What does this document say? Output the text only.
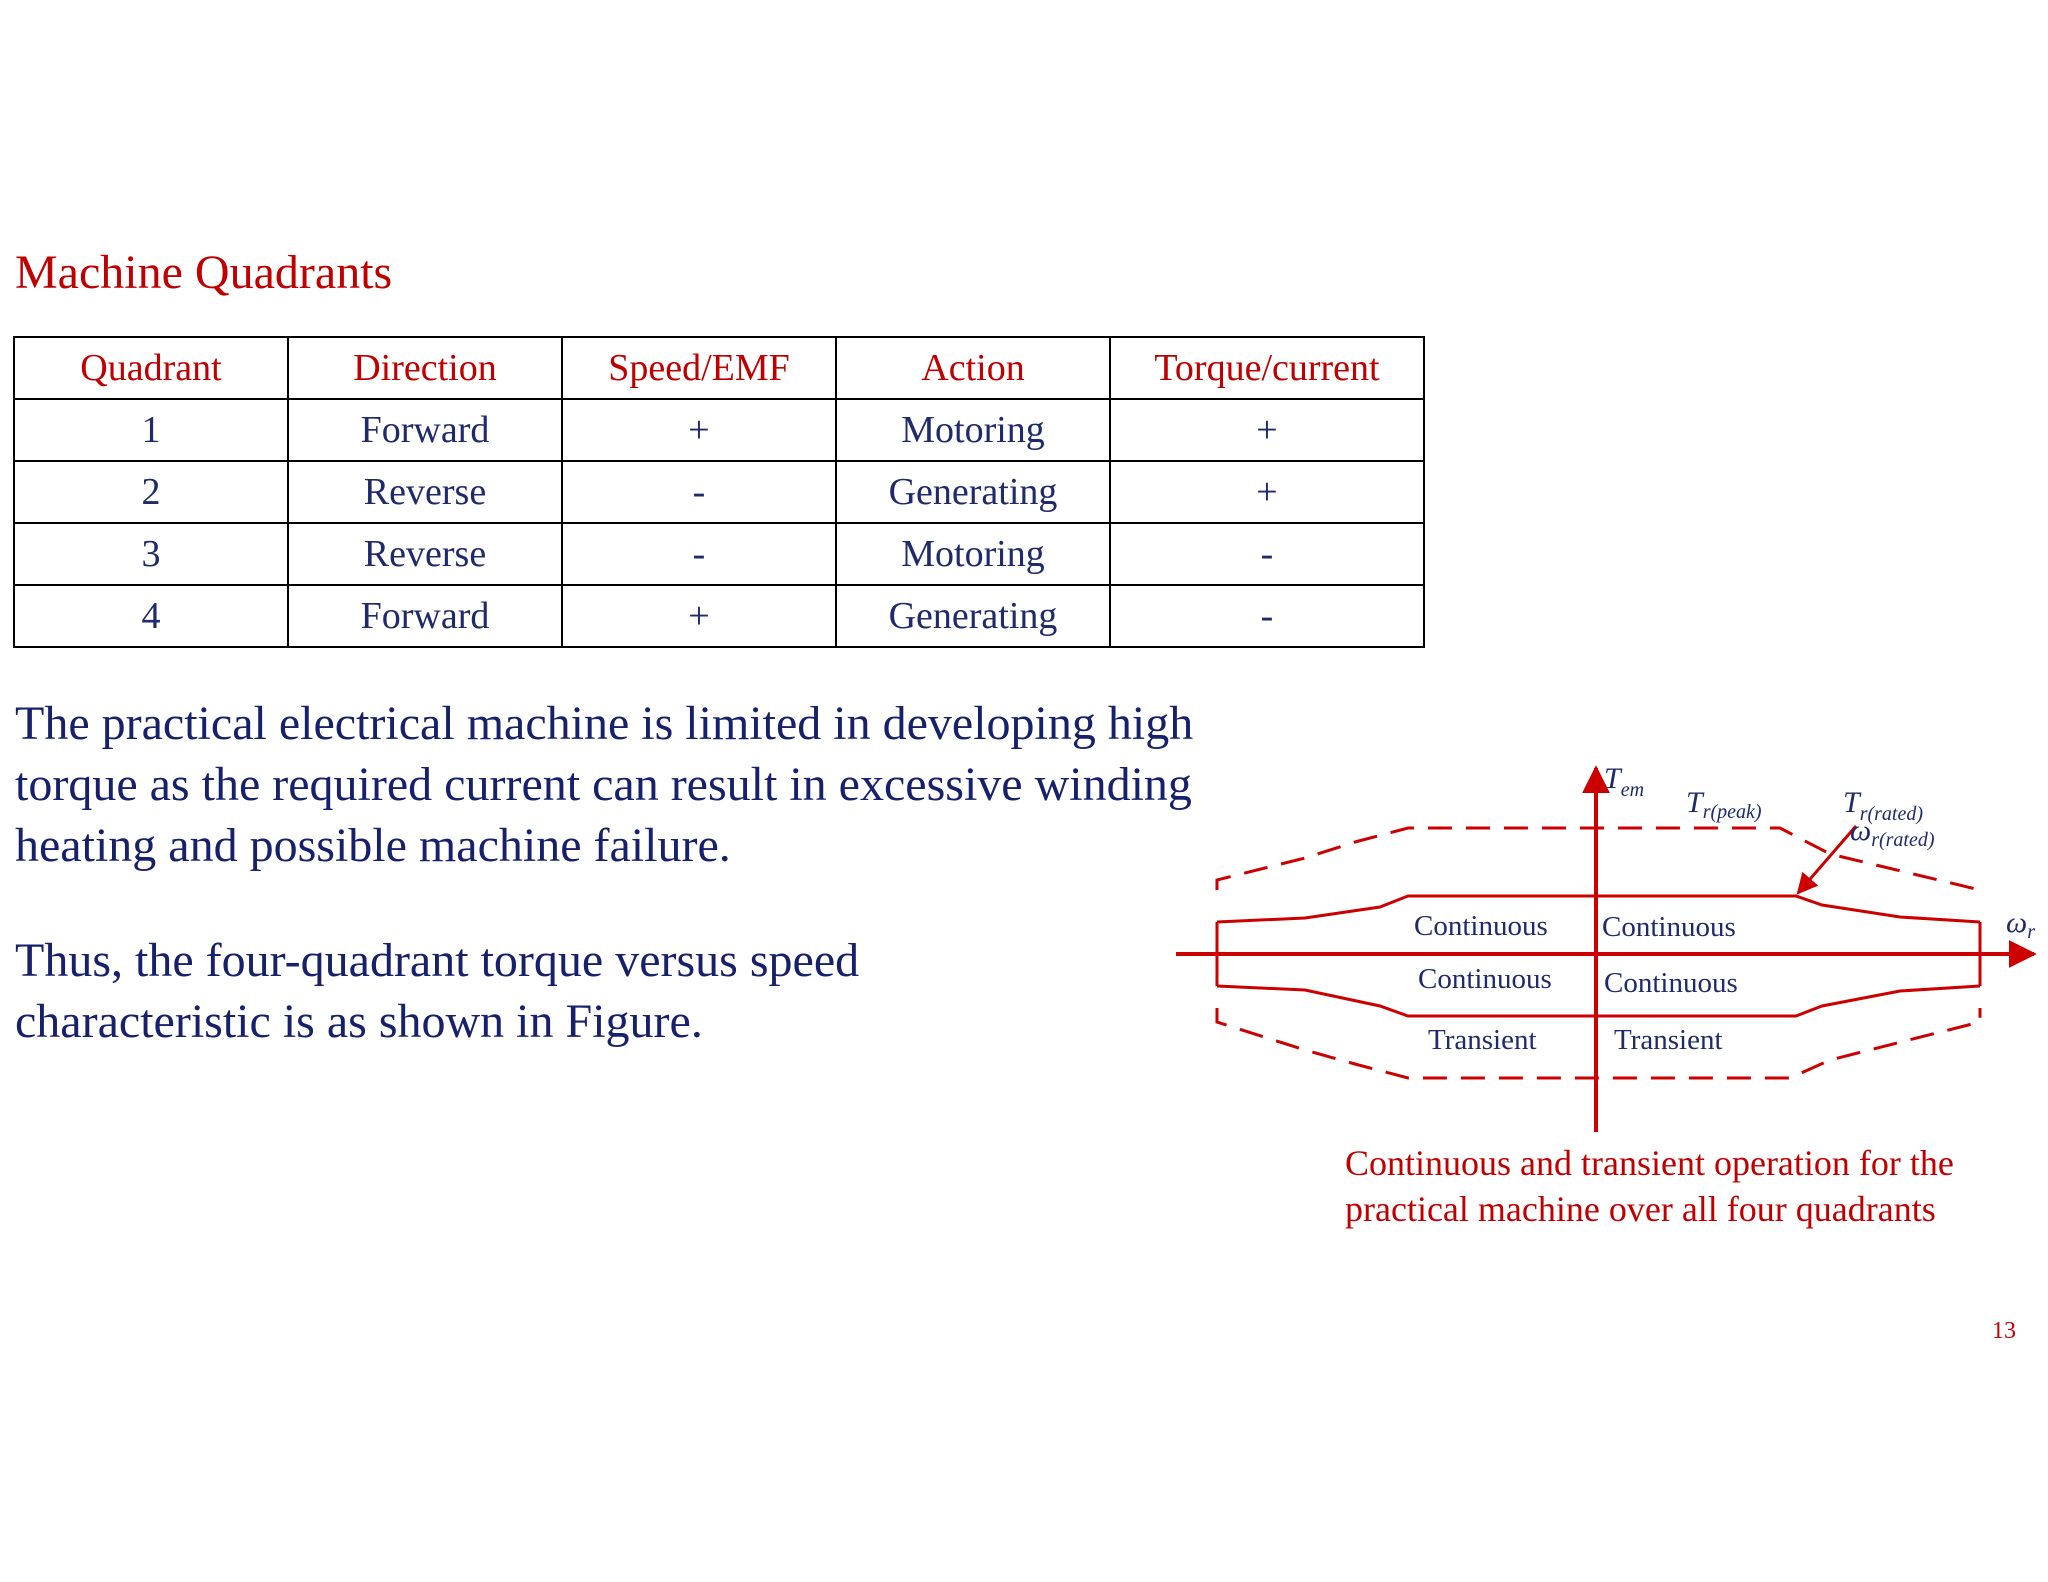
Machine Quadrants
Quadrant	Direction	Speed/EMF	Action	Torque/current
1	Forward	+	Motoring	+
2	Reverse	-	Generating	+
3	Reverse	-	Motoring	-
4	Forward	+	Generating	-

The practical electrical machine is limited in developing high torque as the required current can result in excessive winding heating and possible machine failure.

Thus, the four-quadrant torque versus speed characteristic is as shown in Figure.

Tem
ωr
Tr(peak)	Tr(rated)
ωr(rated)
Continuous Continuous
Continuous Continuous
Transient	Transient

Continuous and transient operation for the practical machine over all four quadrants

13
